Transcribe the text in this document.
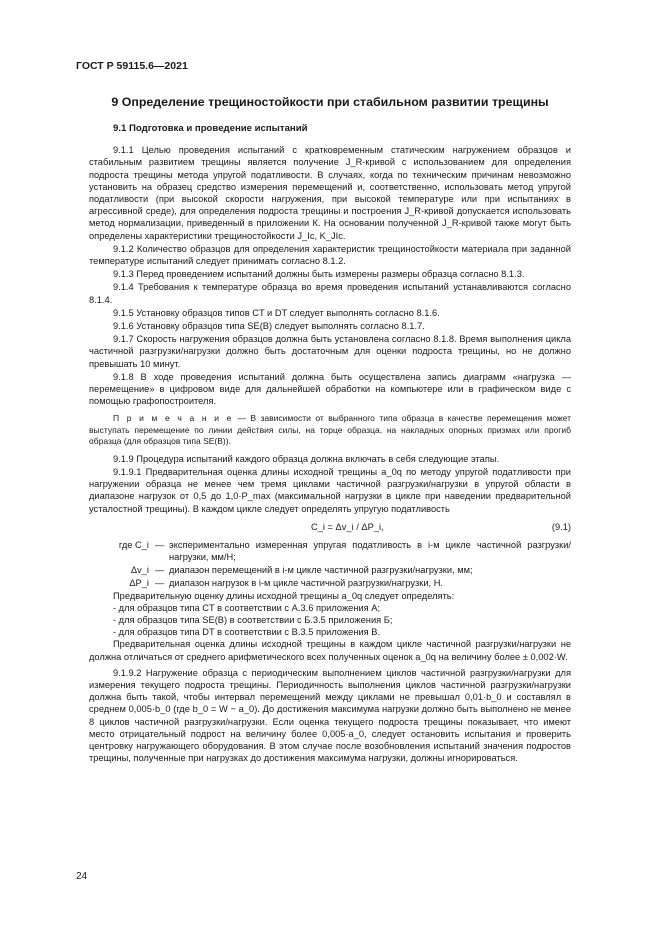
ГОСТ Р 59115.6—2021
9 Определение трещиностойкости при стабильном развитии трещины
9.1 Подготовка и проведение испытаний

9.1.1 Целью проведения испытаний с кратковременным статическим нагружением образцов и стабильным развитием трещины является получение J_R-кривой с использованием для определения подроста трещины метода упругой податливости. В случаях, когда по техническим причинам невозможно установить на образец средство измерения перемещений и, соответственно, использовать метод упругой податливости (при высокой скорости нагружения, при высокой температуре или при испытаниях в агрессивной среде), для определения подроста трещины и построения J_R-кривой допускается использовать метод нормализации, приведенный в приложении К. На основании полученной J_R-кривой также могут быть определены характеристики трещиностойкости J_Ic, K_JIc.

9.1.2 Количество образцов для определения характеристик трещиностойкости материала при заданной температуре испытаний следует принимать согласно 8.1.2.

9.1.3 Перед проведением испытаний должны быть измерены размеры образца согласно 8.1.3.

9.1.4 Требования к температуре образца во время проведения испытаний устанавливаются согласно 8.1.4.

9.1.5 Установку образцов типов CT и DT следует выполнять согласно 8.1.6.

9.1.6 Установку образцов типа SE(B) следует выполнять согласно 8.1.7.

9.1.7 Скорость нагружения образцов должна быть установлена согласно 8.1.8. Время выполнения цикла частичной разгрузки/нагрузки должно быть достаточным для оценки подроста трещины, но не должно превышать 10 минут.

9.1.8 В ходе проведения испытаний должна быть осуществлена запись диаграмм «нагрузка — перемещение» в цифровом виде для дальнейшей обработки на компьютере или в графическом виде с помощью графопостроителя.

П р и м е ч а н и е — В зависимости от выбранного типа образца в качестве перемещения может выступать перемещение по линии действия силы, на торце образца, на накладных опорных призмах или прогиб образца (для образцов типа SE(B)).

9.1.9 Процедура испытаний каждого образца должна включать в себя следующие этапы.

9.1.9.1 Предварительная оценка длины исходной трещины a_0q по методу упругой податливости при нагружении образца не менее чем тремя циклами частичной разгрузки/нагрузки в упругой области в диапазоне нагрузок от 0,5 до 1,0·P_max (максимальной нагрузки в цикле при наведении предварительной усталостной трещины). В каждом цикле следует определять упругую податливость

C_i = Δv_i / ΔP_i,	(9.1)
где C_i — экспериментально измеренная упругая податливость в i-м цикле частичной разгрузки/нагрузки, мм/Н;
Δv_i — диапазон перемещений в i-м цикле частичной разгрузки/нагрузки, мм;
ΔP_i — диапазон нагрузок в i-м цикле частичной разгрузки/нагрузки, Н.

Предварительную оценку длины исходной трещины a_0q следует определять:

- для образцов типа CT в соответствии с А.3.6 приложения А;

- для образцов типа SE(B) в соответствии с Б.3.5 приложения Б;

- для образцов типа DT в соответствии с В.3.5 приложения В.

Предварительная оценка длины исходной трещины в каждом цикле частичной разгрузки/нагрузки не должна отличаться от среднего арифметического всех полученных оценок a_0q на величину более ± 0,002·W.

9.1.9.2 Нагружение образца с периодическим выполнением циклов частичной разгрузки/нагрузки для измерения текущего подроста трещины. Периодичность выполнения циклов частичной разгрузки/нагрузки должна быть такой, чтобы интервал перемещений между циклами не превышал 0,01·b_0 и составлял в среднем 0,005·b_0 (где b_0 = W − a_0). До достижения максимума нагрузки должно быть выполнено не менее 8 циклов частичной разгрузки/нагрузки. Если оценка текущего подроста трещины показывает, что имеют место отрицательный подрост на величину более 0,005·a_0, следует остановить испытания и проверить центровку нагружающего оборудования. В этом случае после возобновления испытаний значения подростов трещины, полученные при нагрузках до достижения максимума нагрузки, должны игнорироваться.

24
